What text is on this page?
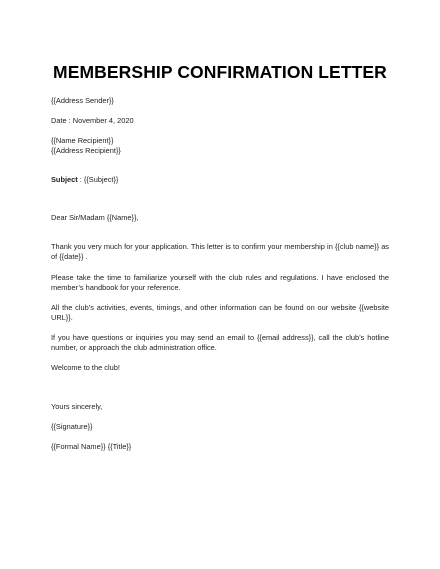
MEMBERSHIP CONFIRMATION LETTER
{{Address Sender}}
Date : November 4, 2020
{{Name Recipient}}
{{Address Recipient}}
Subject : {{Subject}}
Dear Sir/Madam {{Name}},
Thank you very much for your application. This letter is to confirm your membership in {{club name}} as of {{date}} .
Please take the time to familiarize yourself with the club rules and regulations. I have enclosed the member’s handbook for your reference.
All the club’s activities, events, timings, and other information can be found on our website {{website URL}}.
If you have questions or inquiries you may send an email to {{email address}}, call the club’s hotline number, or approach the club administration office.
Welcome to the club!
Yours sincerely,
{{Signature}}
{{Formal Name}} {{Title}}
